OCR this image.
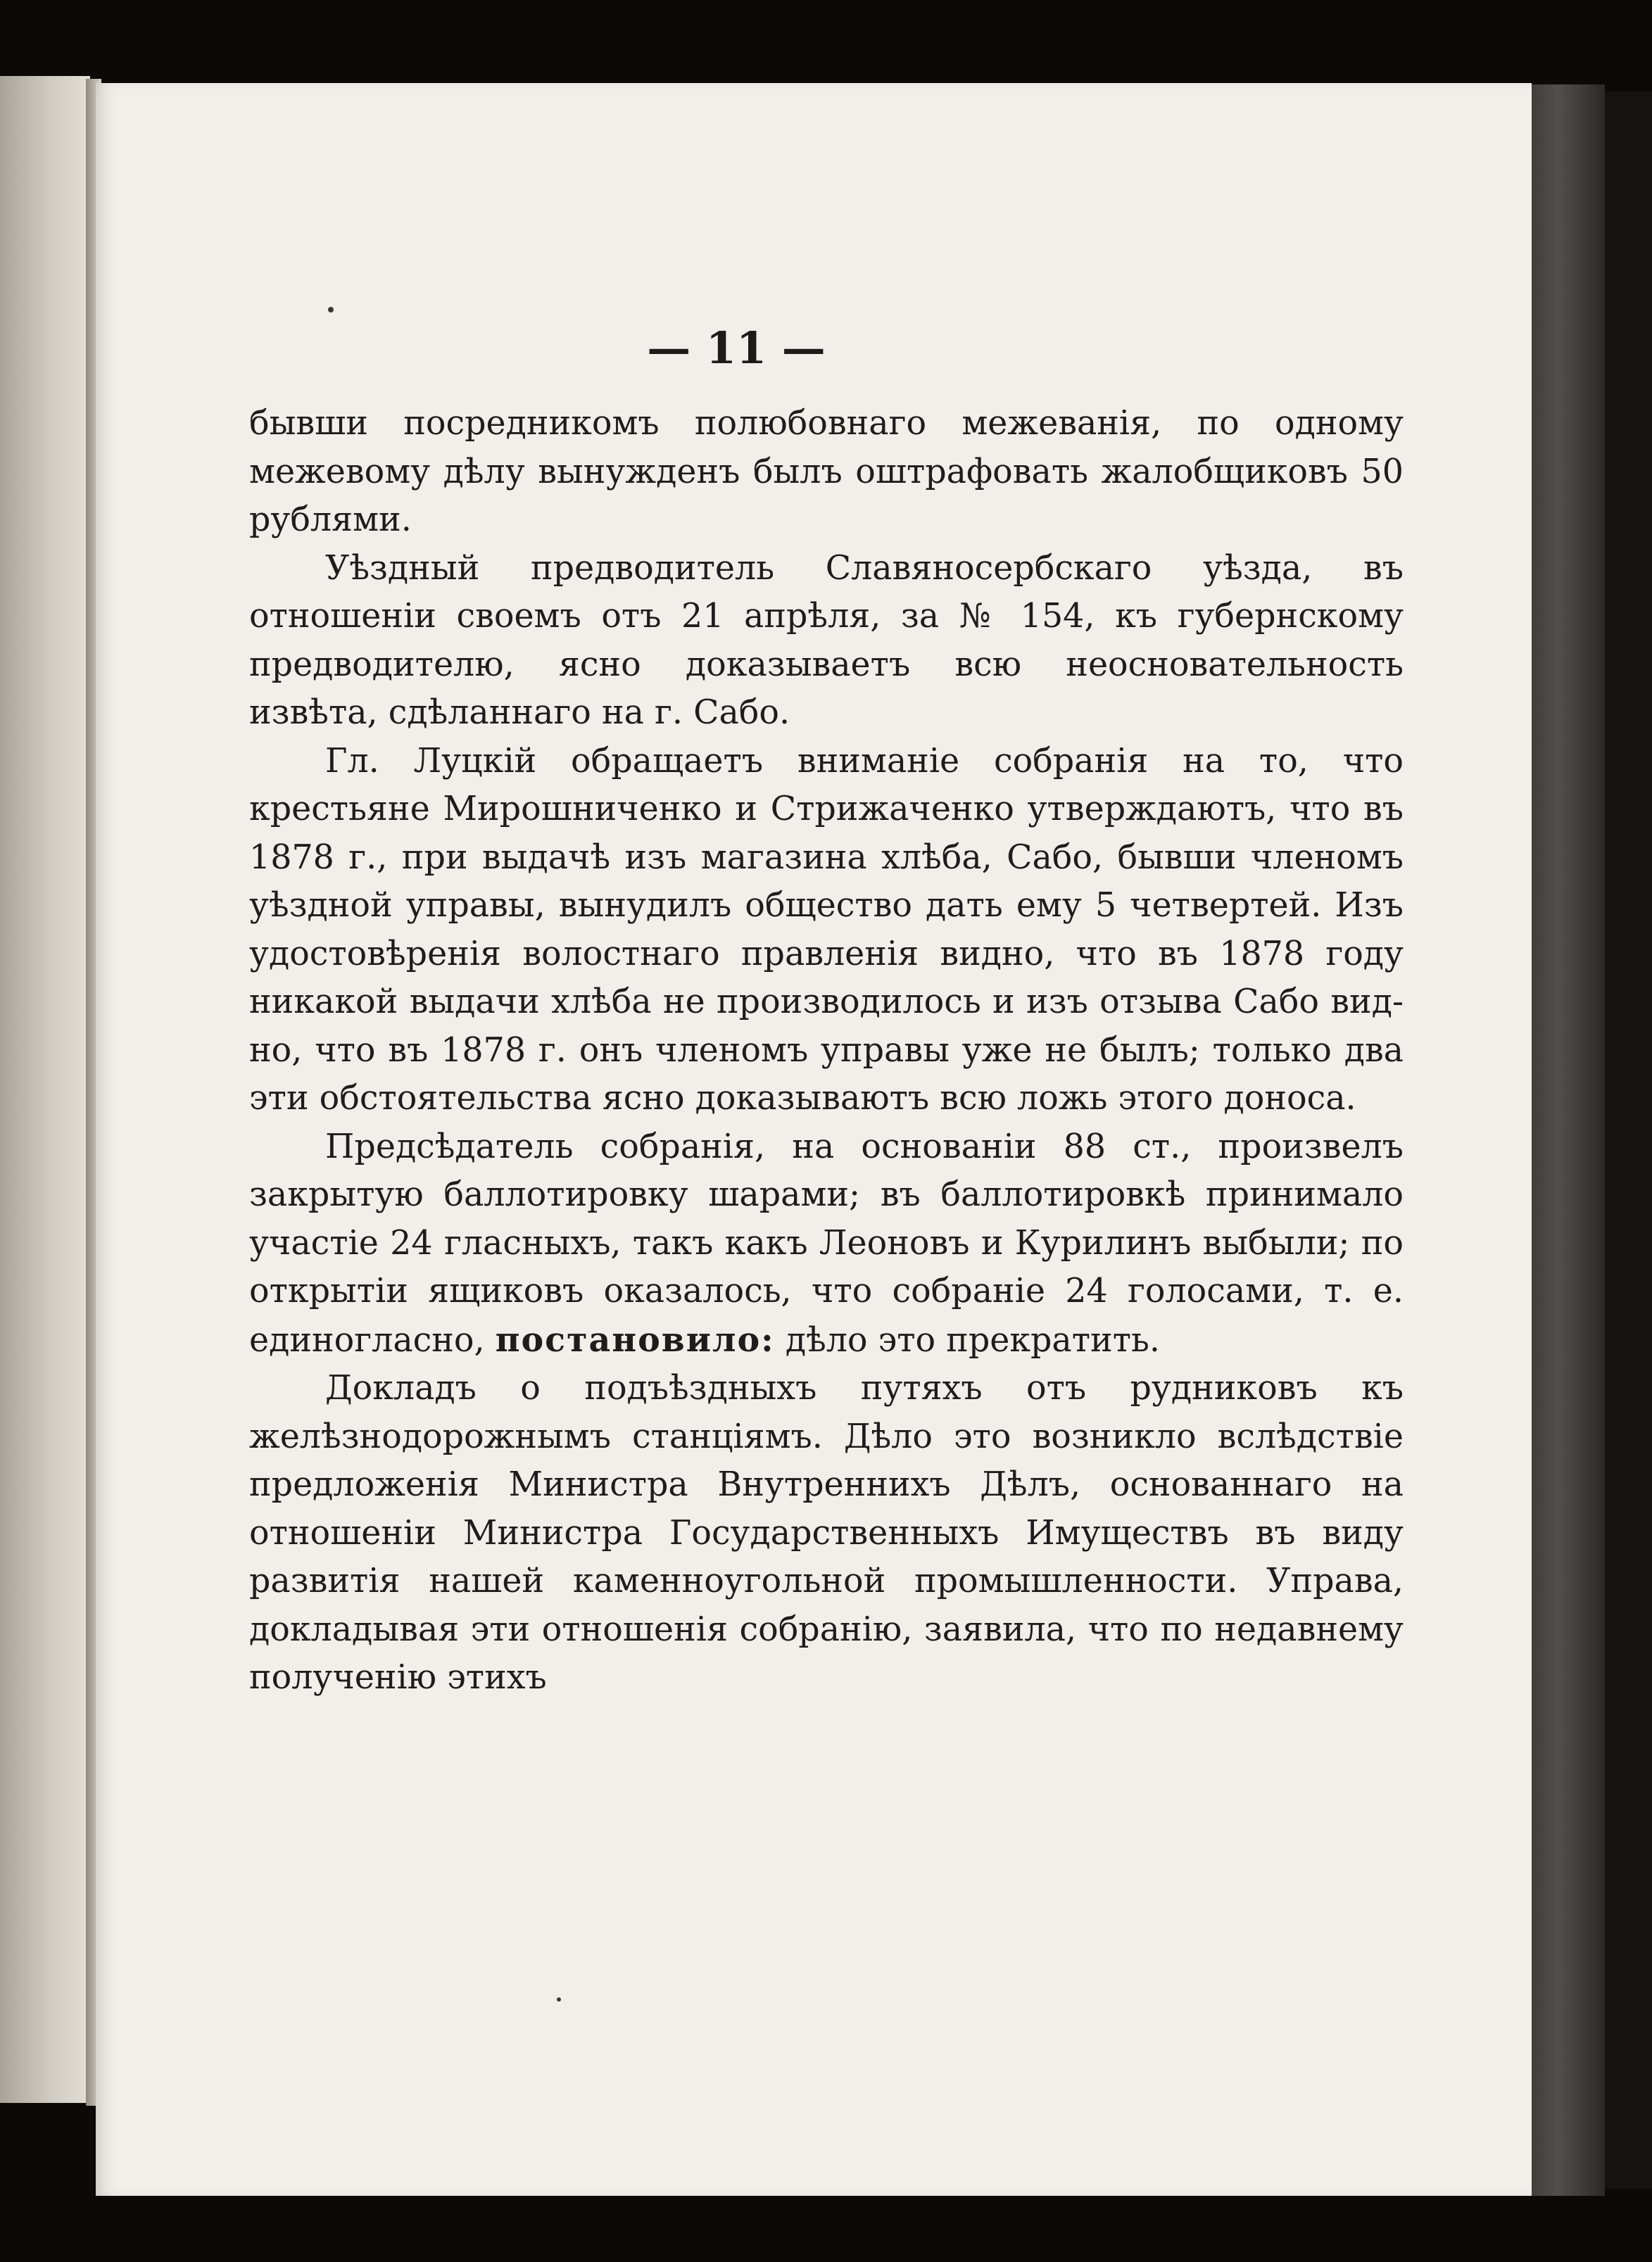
— 11 —

бывши посредникомъ полюбовнаго межеванія, по одному межевому дѣлу вынужденъ былъ оштрафовать жалобщиковъ 50 рублями.

Уѣздный предводитель Славяносербскаго уѣзда, въ отношеніи своемъ отъ 21 апрѣля, за № 154, къ губернскому предводителю, ясно доказываетъ всю неосновательность извѣта, сдѣланнаго на г. Сабо.

Гл. Луцкій обращаетъ вниманіе собранія на то, что крестьяне Мирошниченко и Стрижаченко утверждаютъ, что въ 1878 г., при выдачѣ изъ магазина хлѣба, Сабо, бывши членомъ уѣздной управы, вынудилъ общество дать ему 5 четвертей. Изъ удостовѣренія волостнаго правленія видно, что въ 1878 году никакой выдачи хлѣба не производилось и изъ отзыва Сабо видно, что въ 1878 г. онъ членомъ управы уже не былъ; только два эти обстоятельства ясно доказываютъ всю ложь этого доноса.

Предсѣдатель собранія, на основаніи 88 ст., произвелъ закрытую баллотировку шарами; въ баллотировкѣ принимало участіе 24 гласныхъ, такъ какъ Леоновъ и Курилинъ выбыли; по открытіи ящиковъ оказалось, что собраніе 24 голосами, т. е. единогласно, постановило: дѣло это прекратить.

Докладъ о подъѣздныхъ путяхъ отъ рудниковъ къ желѣзнодорожнымъ станціямъ. Дѣло это возникло вслѣдствіе предложенія Министра Внутреннихъ Дѣлъ, основаннаго на отношеніи Министра Государственныхъ Имуществъ въ виду развитія нашей каменноугольной промышленности. Управа, докладывая эти отношенія собранію, заявила, что по недавнему полученію этихъ
